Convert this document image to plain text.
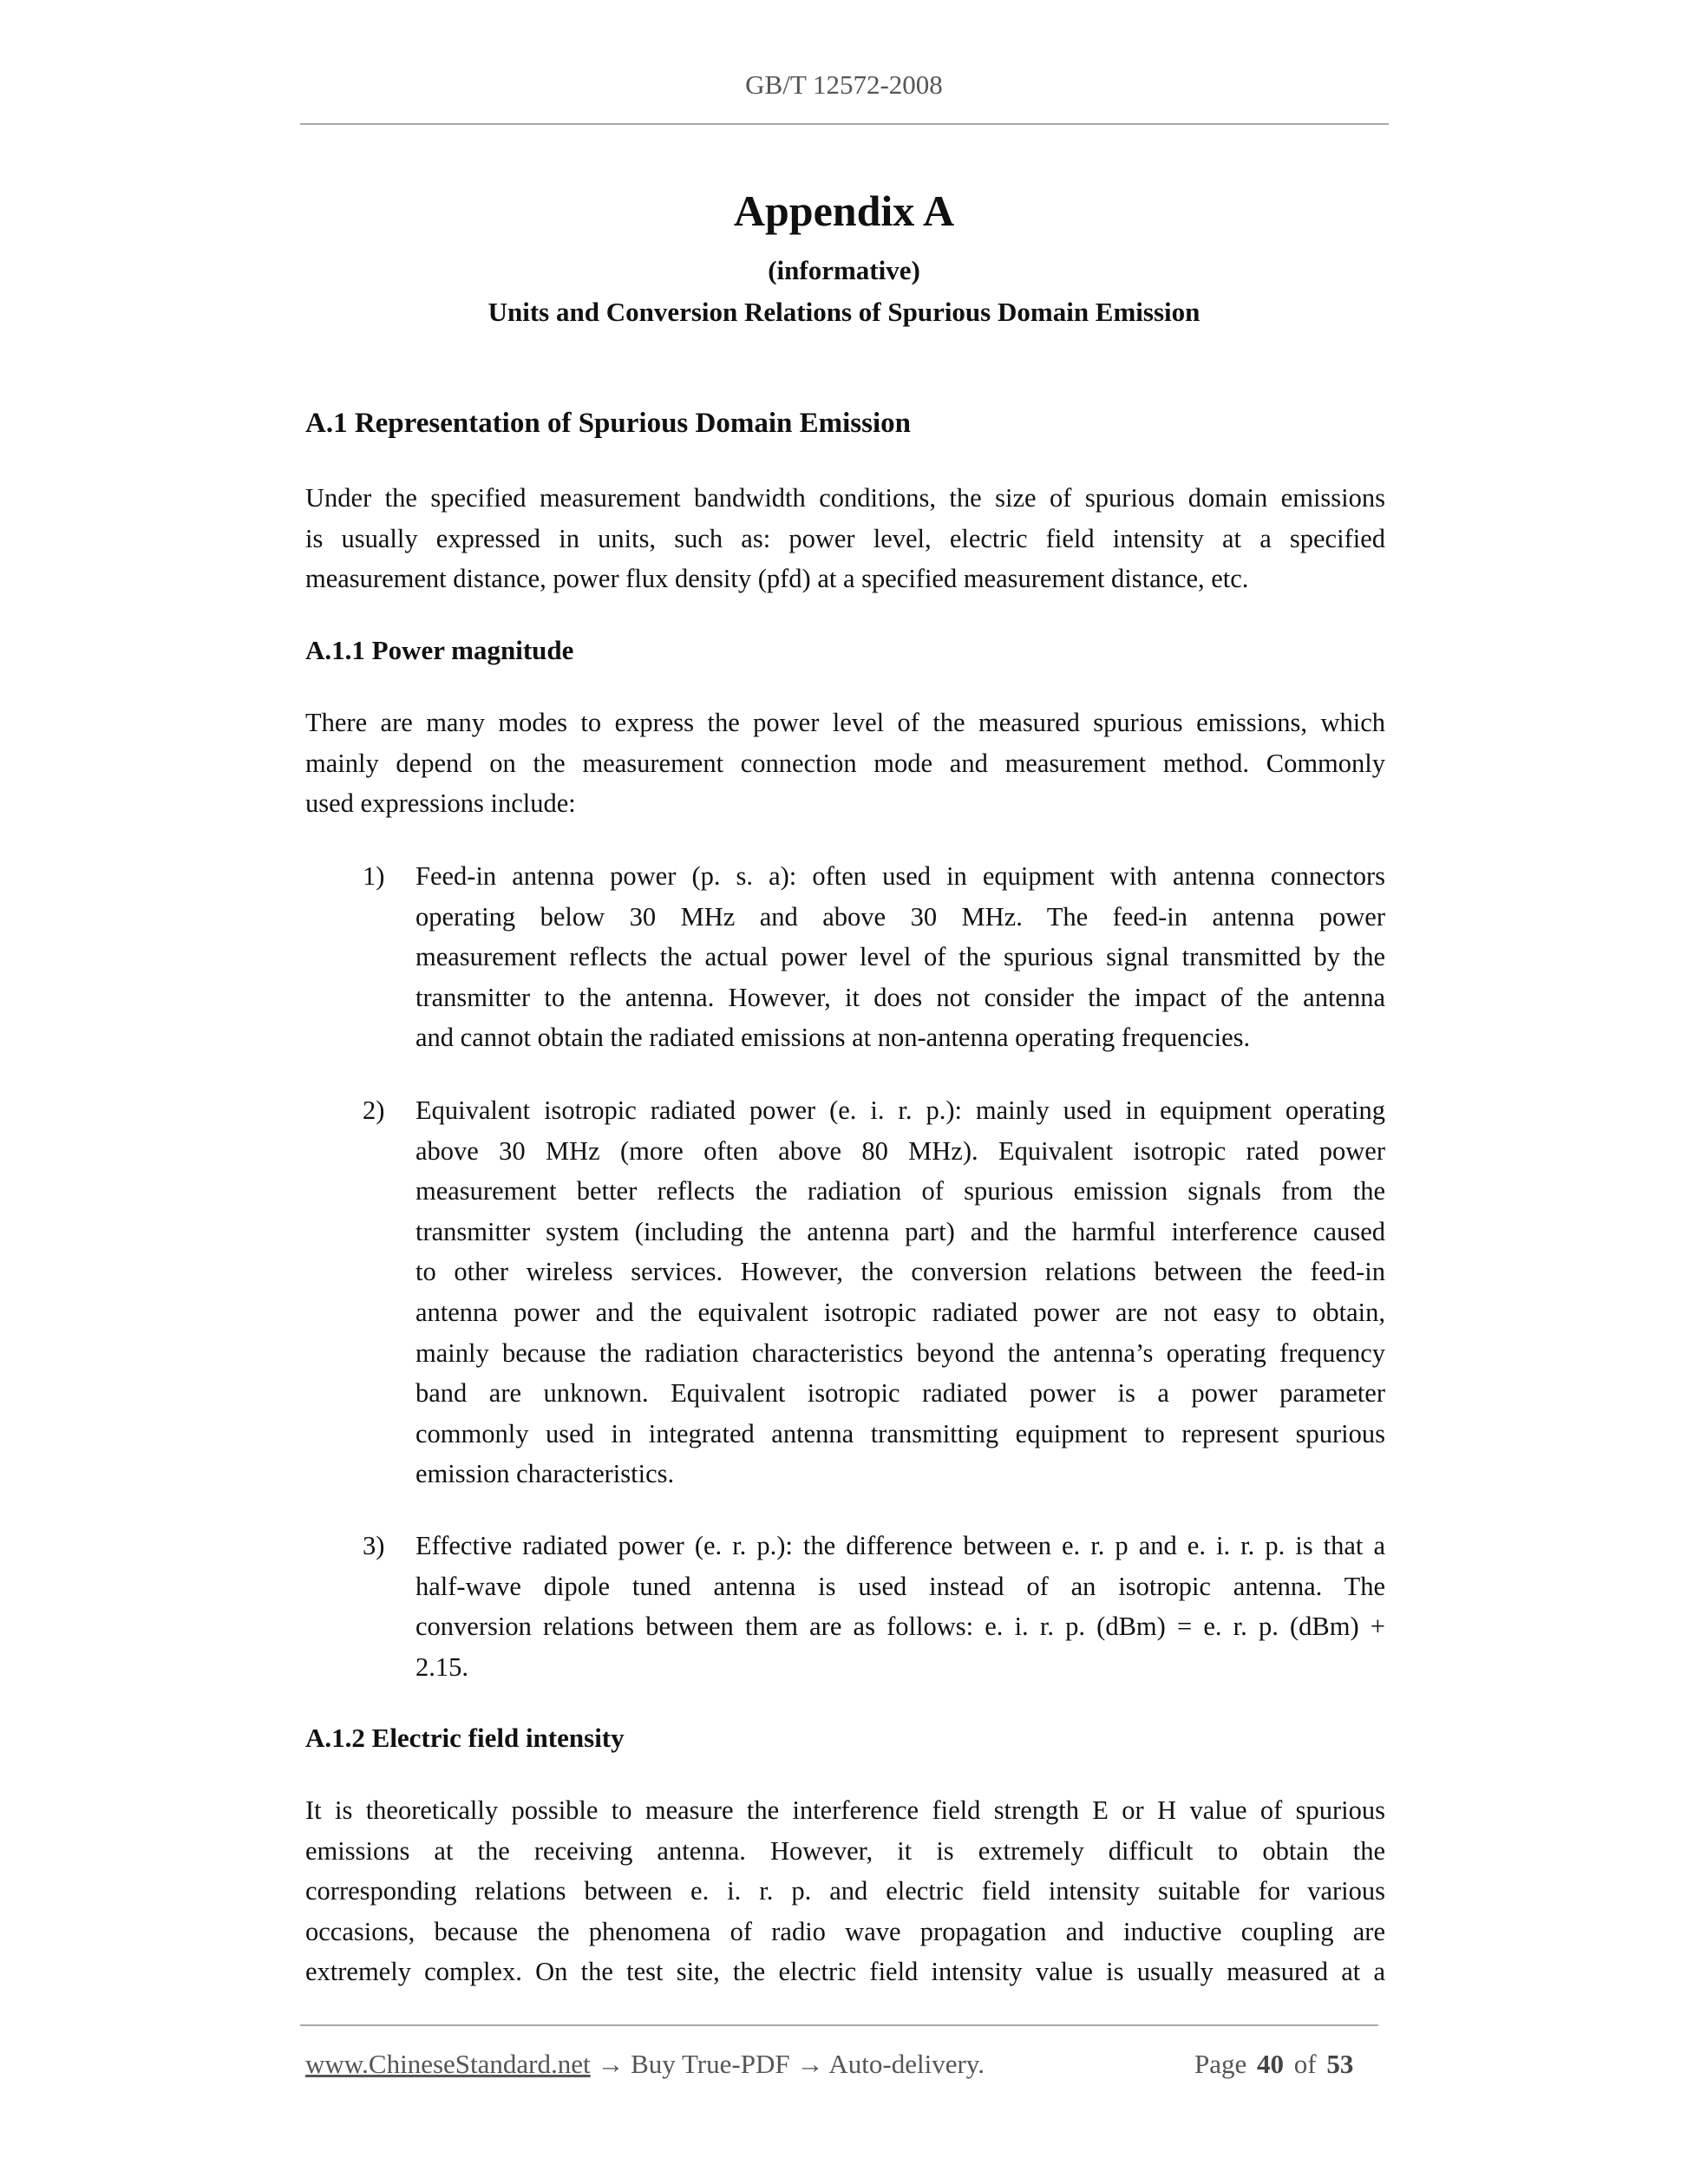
GB/T 12572-2008
Appendix A
(informative)
Units and Conversion Relations of Spurious Domain Emission
A.1 Representation of Spurious Domain Emission
Under the specified measurement bandwidth conditions, the size of spurious domain emissions
is usually expressed in units, such as: power level, electric field intensity at a specified
measurement distance, power flux density (pfd) at a specified measurement distance, etc.
A.1.1 Power magnitude
There are many modes to express the power level of the measured spurious emissions, which
mainly depend on the measurement connection mode and measurement method. Commonly
used expressions include:
1) Feed-in antenna power (p. s. a): often used in equipment with antenna connectors
operating below 30 MHz and above 30 MHz. The feed-in antenna power
measurement reflects the actual power level of the spurious signal transmitted by the
transmitter to the antenna. However, it does not consider the impact of the antenna
and cannot obtain the radiated emissions at non-antenna operating frequencies.
2) Equivalent isotropic radiated power (e. i. r. p.): mainly used in equipment operating
above 30 MHz (more often above 80 MHz). Equivalent isotropic rated power
measurement better reflects the radiation of spurious emission signals from the
transmitter system (including the antenna part) and the harmful interference caused
to other wireless services. However, the conversion relations between the feed-in
antenna power and the equivalent isotropic radiated power are not easy to obtain,
mainly because the radiation characteristics beyond the antenna’s operating frequency
band are unknown. Equivalent isotropic radiated power is a power parameter
commonly used in integrated antenna transmitting equipment to represent spurious
emission characteristics.
3) Effective radiated power (e. r. p.): the difference between e. r. p and e. i. r. p. is that a
half-wave dipole tuned antenna is used instead of an isotropic antenna. The
conversion relations between them are as follows: e. i. r. p. (dBm) = e. r. p. (dBm) +
2.15.
A.1.2 Electric field intensity
It is theoretically possible to measure the interference field strength E or H value of spurious
emissions at the receiving antenna. However, it is extremely difficult to obtain the
corresponding relations between e. i. r. p. and electric field intensity suitable for various
occasions, because the phenomena of radio wave propagation and inductive coupling are
extremely complex. On the test site, the electric field intensity value is usually measured at a
www.ChineseStandard.net → Buy True-PDF → Auto-delivery.	Page 40 of 53
